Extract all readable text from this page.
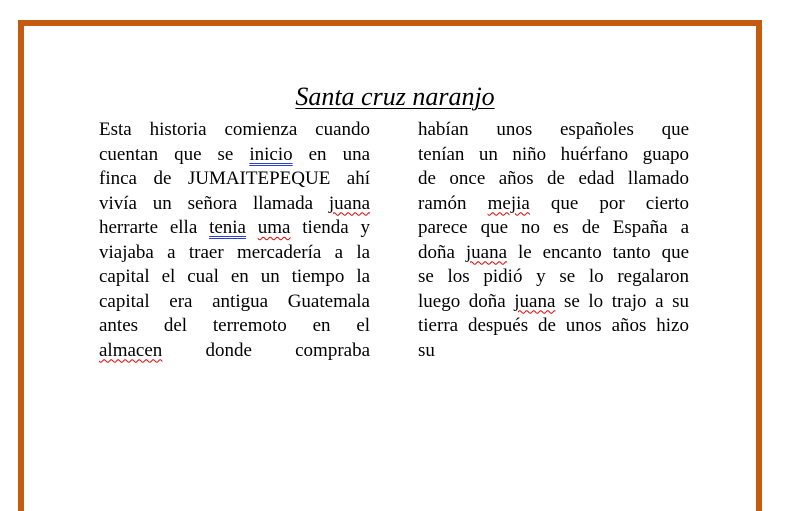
Santa cruz naranjo
Esta historia comienza cuando
cuentan que se inicio en una
finca de JUMAITEPEQUE ahí
vivía un señora llamada juana
herrarte ella tenia uma tienda y
viajaba a traer mercadería a la
capital el cual en un tiempo la
capital era antigua Guatemala
antes del terremoto en el
almacen donde compraba
habían unos españoles que
tenían un niño huérfano guapo
de once años de edad llamado
ramón mejia que por cierto
parece que no es de España a
doña juana le encanto tanto que
se los pidió y se lo regalaron
luego doña juana se lo trajo a su
tierra después de unos años hizo
su
